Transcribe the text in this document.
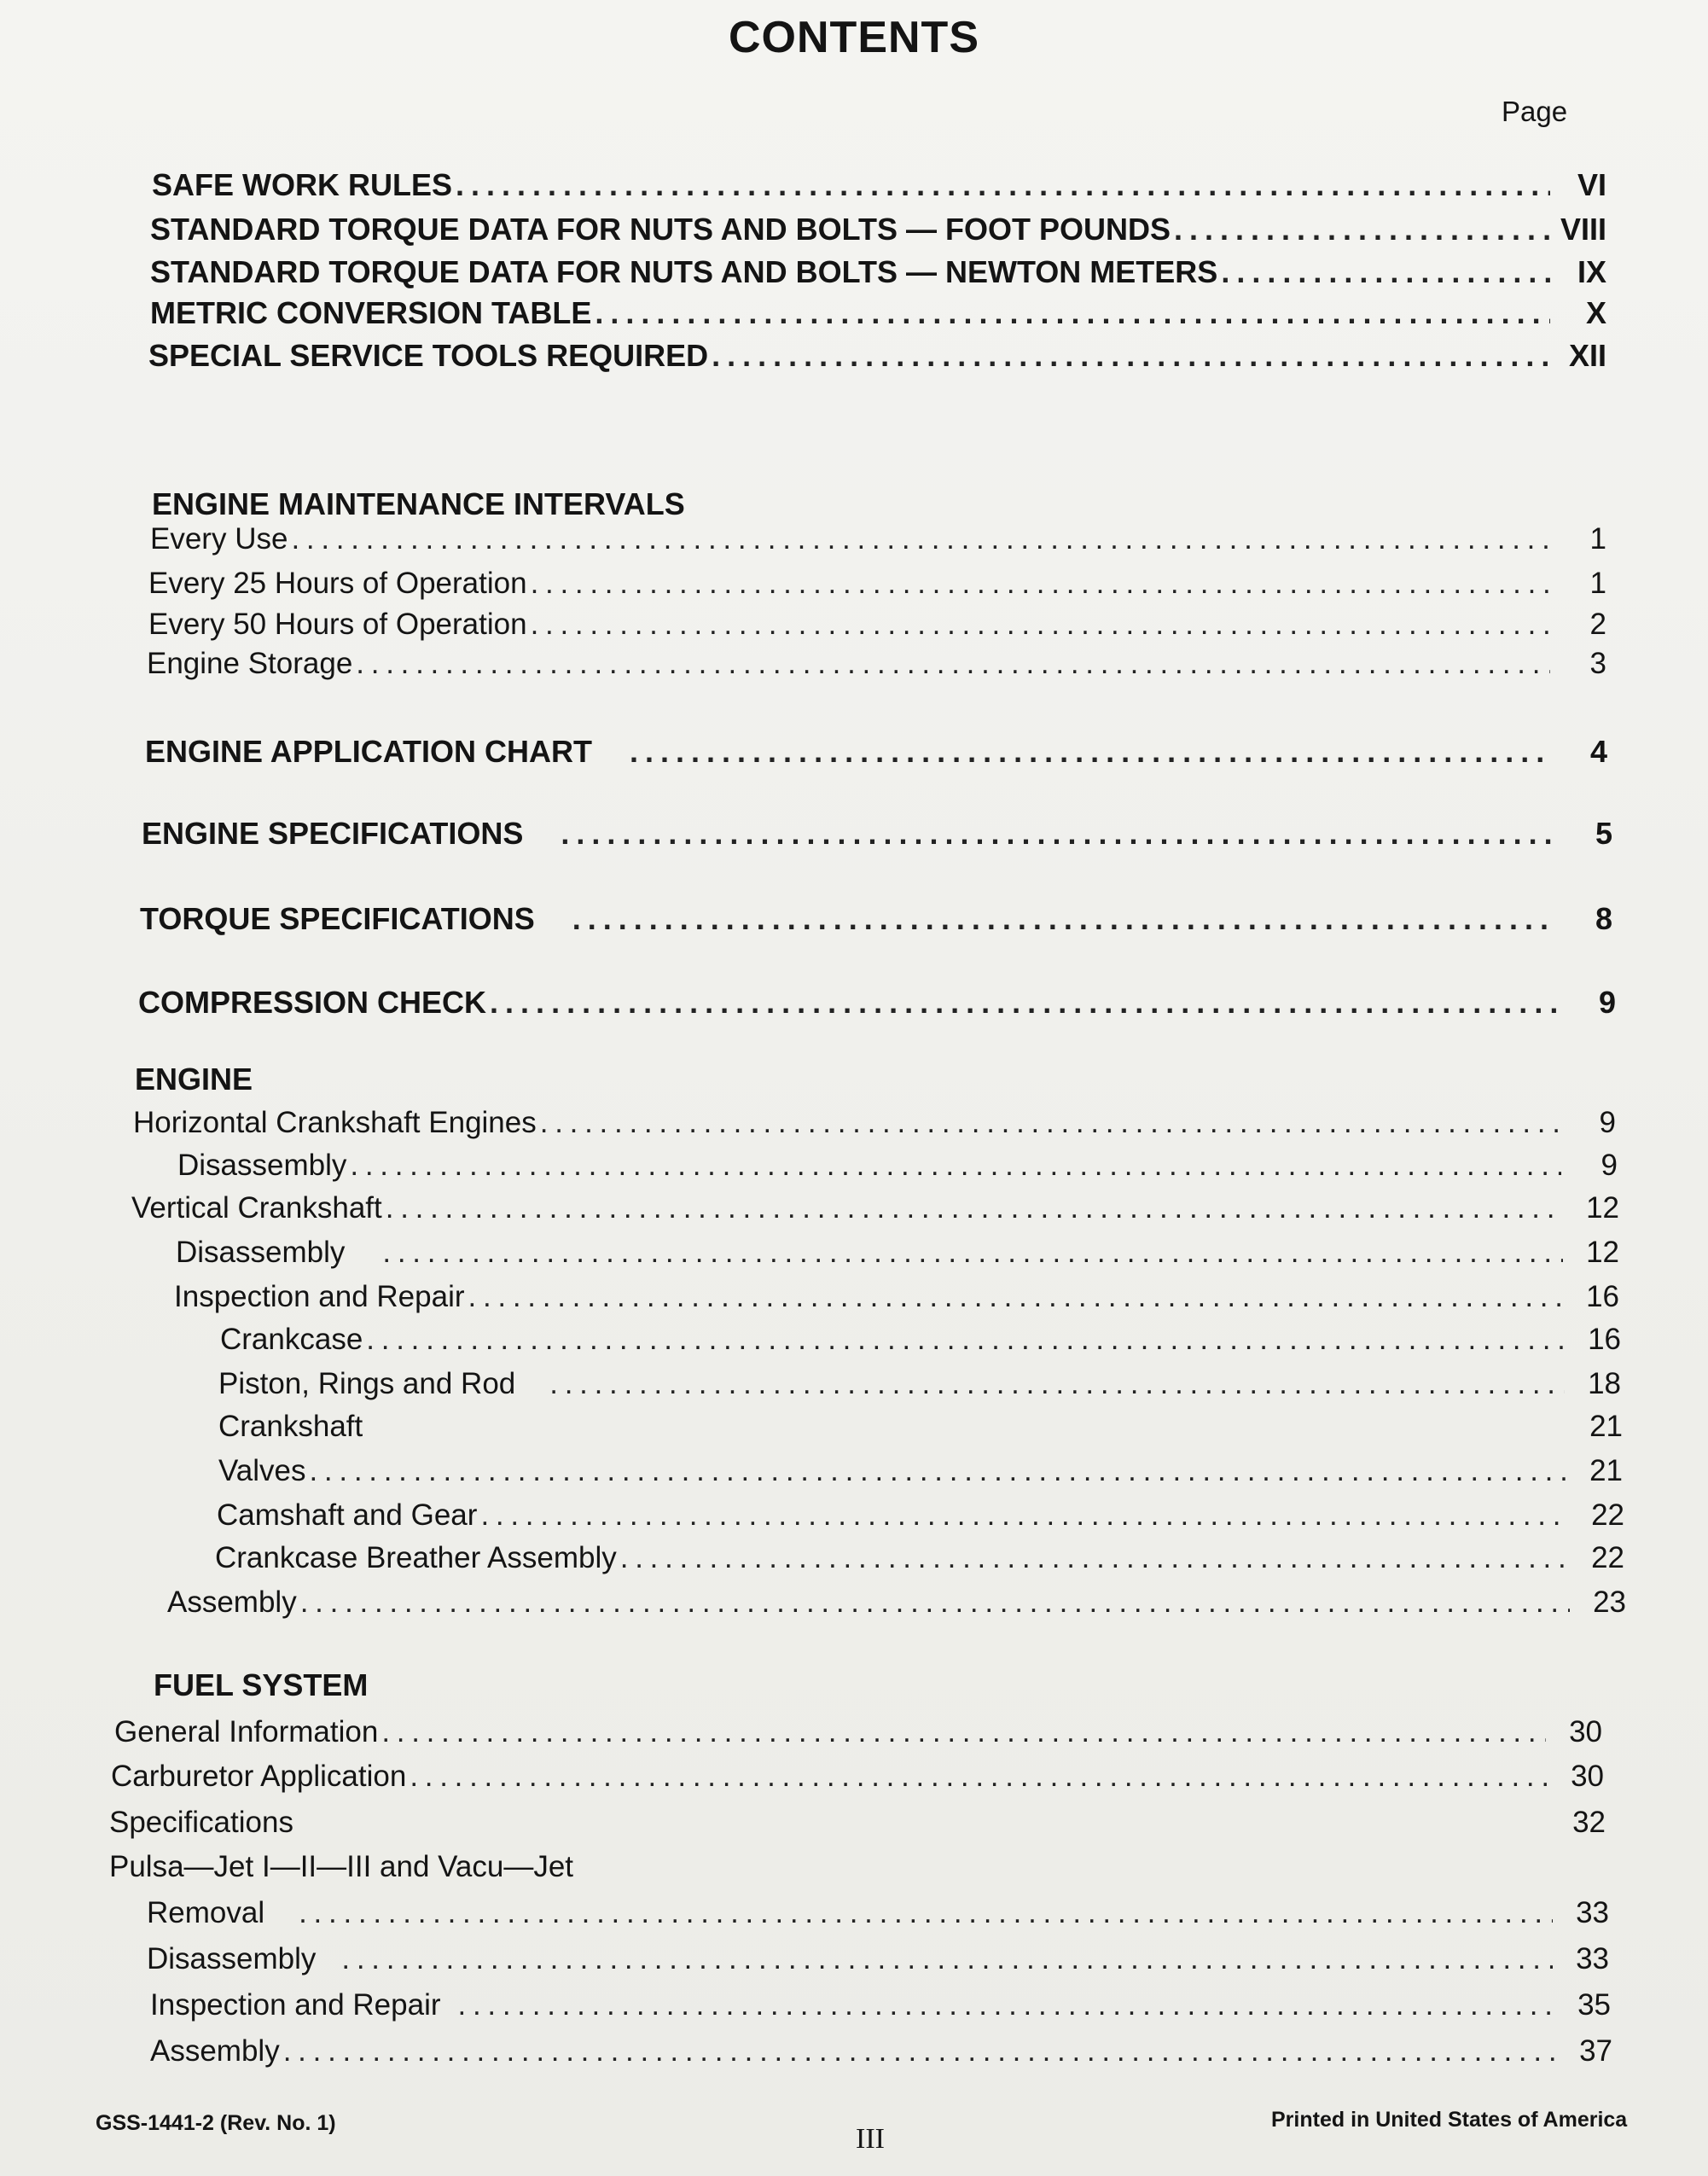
CONTENTS
Page
SAFE WORK RULES . . .	VI
STANDARD TORQUE DATA FOR NUTS AND BOLTS — FOOT POUNDS . . .	VIII
STANDARD TORQUE DATA FOR NUTS AND BOLTS — NEWTON METERS . . .	IX
METRIC CONVERSION TABLE . . .	X
SPECIAL SERVICE TOOLS REQUIRED . . .	XII
ENGINE MAINTENANCE INTERVALS
Every Use . . .	1
Every 25 Hours of Operation . . .	1
Every 50 Hours of Operation . . .	2
Engine Storage . . .	3
ENGINE APPLICATION CHART . . .	4
ENGINE SPECIFICATIONS . . .	5
TORQUE SPECIFICATIONS . . .	8
COMPRESSION CHECK . . .	9
ENGINE
Horizontal Crankshaft Engines . . .	9
Disassembly . . .	9
Vertical Crankshaft . . .	12
Disassembly . . .	12
Inspection and Repair . . .	16
Crankcase . . .	16
Piston, Rings and Rod . . .	18
Crankshaft	21
Valves . . .	21
Camshaft and Gear . . .	22
Crankcase Breather Assembly . . .	22
Assembly . . .	23
FUEL SYSTEM
General Information . . .	30
Carburetor Application . . .	30
Specifications	32
Pulsa—Jet I—II—III and Vacu—Jet
Removal . . .	33
Disassembly . . .	33
Inspection and Repair . . .	35
Assembly . . .	37
GSS-1441-2 (Rev. No. 1)	III
Printed in United States of America
